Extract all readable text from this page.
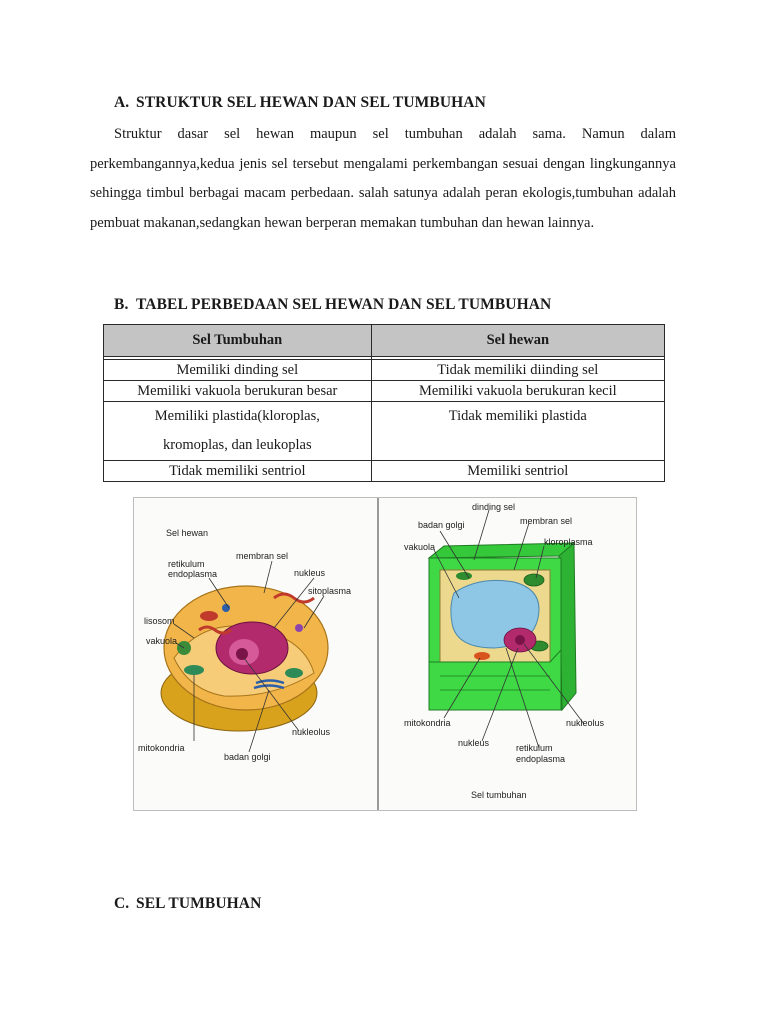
A. STRUKTUR SEL HEWAN DAN SEL TUMBUHAN

Struktur dasar sel hewan maupun sel tumbuhan adalah sama. Namun dalam perkembangannya,kedua jenis sel tersebut mengalami perkembangan sesuai dengan lingkungannya sehingga timbul berbagai macam perbedaan. salah satunya adalah peran ekologis,tumbuhan adalah pembuat makanan,sedangkan hewan berperan memakan tumbuhan dan hewan lainnya.

B. TABEL PERBEDAAN SEL HEWAN DAN SEL TUMBUHAN
Sel Tumbuhan	Sel hewan

Memiliki dinding sel	Tidak memiliki diinding sel
Memiliki vakuola berukuran besar	Memiliki vakuola berukuran kecil

Memiliki plastida(kloroplas,
kromoplas, dan leukoplas	Tidak memiliki plastida
Tidak memiliki sentriol	Memiliki sentriol
Sel hewan
membran sel
retikulum
endoplasma	nukleus
sitoplasma
lisosom
vakuola
nukleolus
mitokondria
badan golgi
dinding sel
badan golgi	membran sel
vakuola	kloroplasma
mitokondria	nukleolus
nukleus	retikulum
endoplasma
Sel tumbuhan
C. SEL TUMBUHAN
